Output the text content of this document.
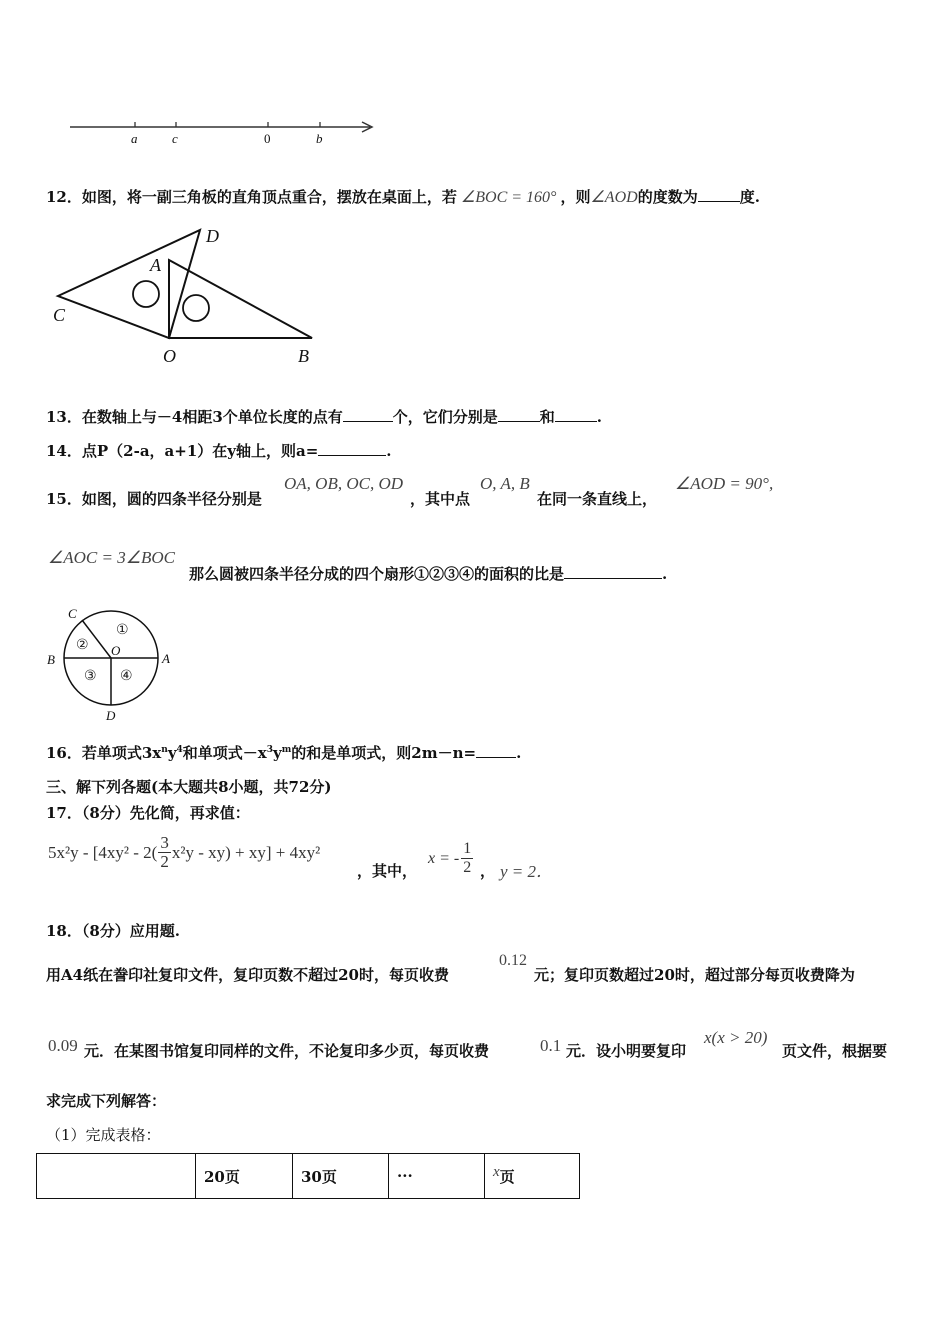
a	c	0	b
12．如图，将一副三角板的直角顶点重合，摆放在桌面上，若 ∠BOC = 160° ，则∠AOD的度数为	度.
D
A
C
O	B
13．在数轴上与－4相距3个单位长度的点有	个，它们分别是	和	.
14．点P（2-a，a+1）在y轴上，则a=	.
15．如图，圆的四条半径分别是
OA, OB, OC, OD
，其中点
O, A, B
在同一条直线上，
∠AOD = 90°,
∠AOC = 3∠BOC
那么圆被四条半径分成的四个扇形①②③④的面积的比是	.
C
①
② O
B	A
③ ④
D
16．若单项式$3x^ny^4$和单项式$-x^3y^m$的和是单项式，则2m－n=	.
三、解下列各题(本大题共8小题，共72分)
17．（8分）先化简，再求值：
$5x^2y - [4xy^2 - 2( \frac{3}{2} x^2y - xy) + xy] + 4xy^2$
，其中，
x = - $\frac{1}{2}$ ， y = 2．
18．（8分）应用题.
用A4纸在誊印社复印文件，复印页数不超过20时，每页收费
0.12
元；复印页数超过20时，超过部分每页收费降为
0.09 元．在某图书馆复印同样的文件，不论复印多少页，每页收费	0.1 元．设小明要复印
x(x > 20)
页文件，根据要
求完成下列解答：
（1）完成表格：
	20页	30页	···	x页
